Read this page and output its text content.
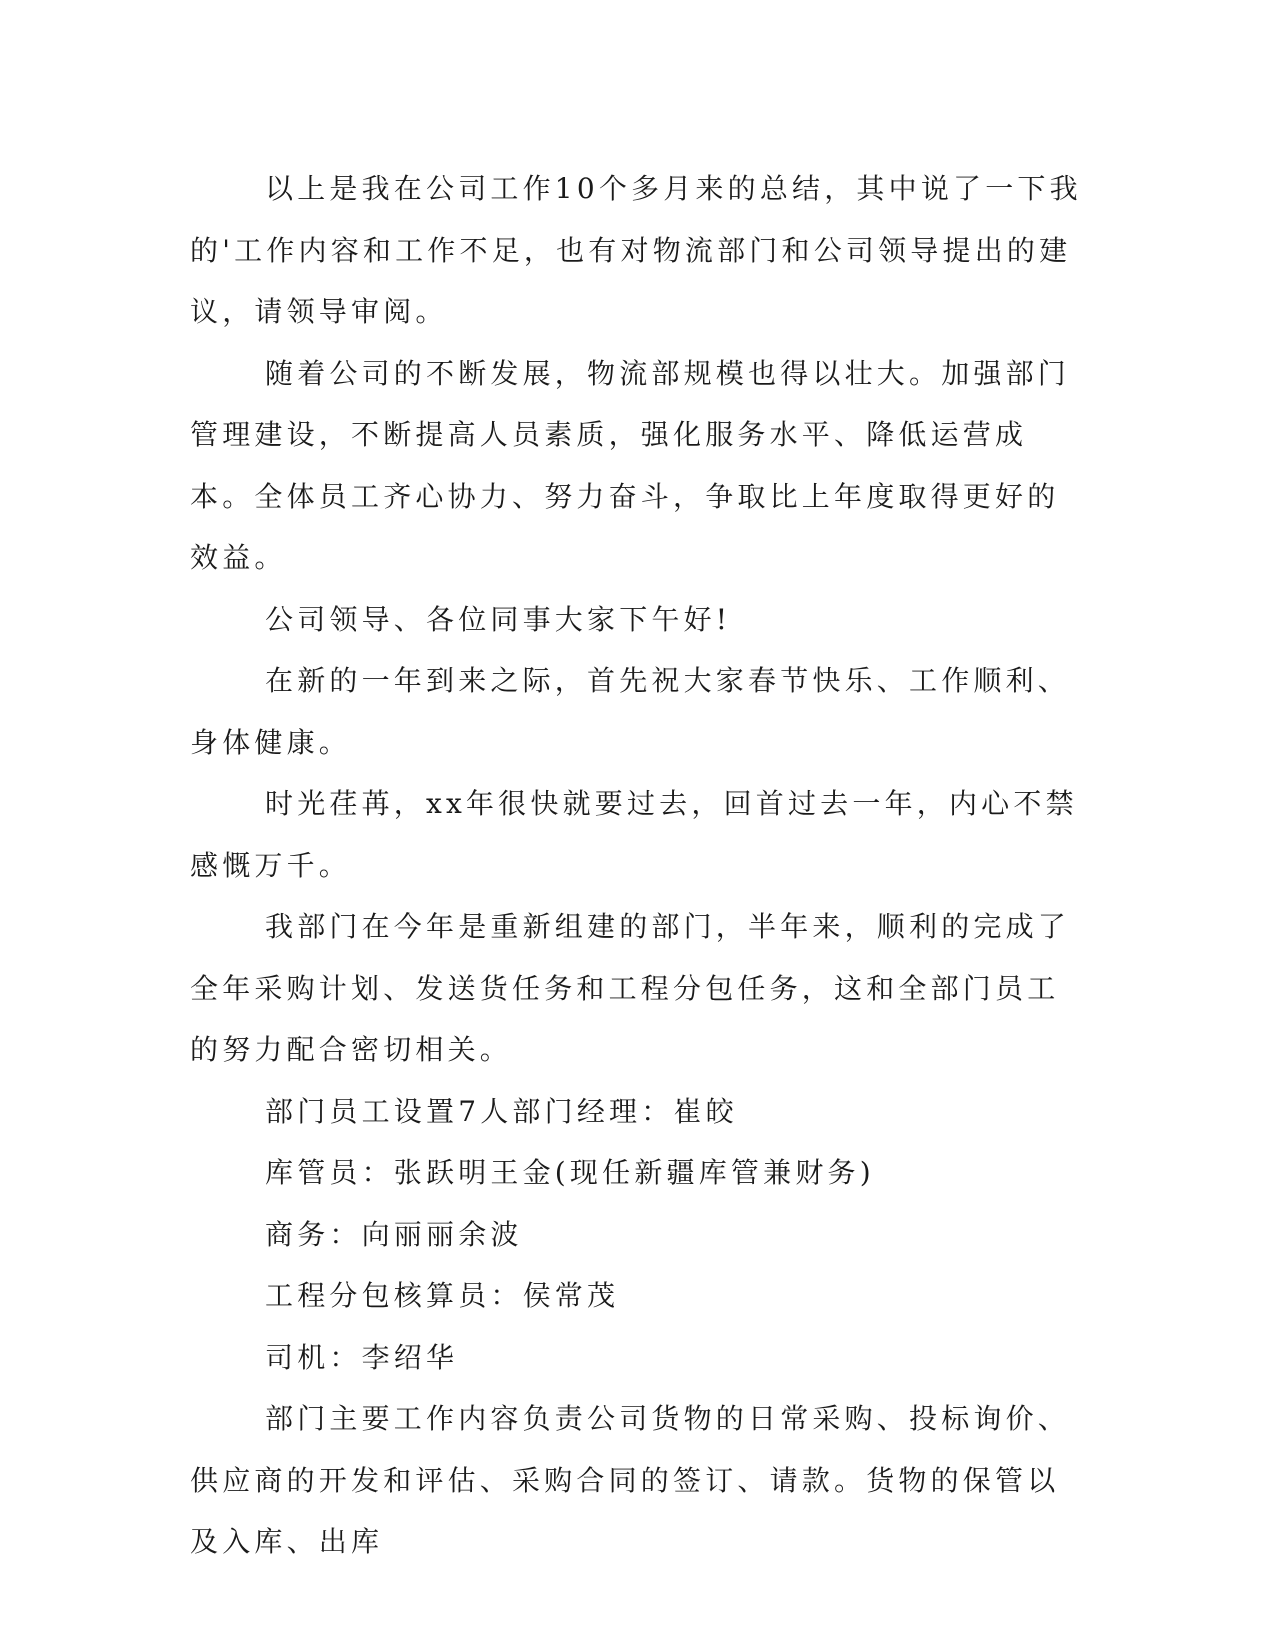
以上是我在公司工作10个多月来的总结，其中说了一下我的'工作内容和工作不足，也有对物流部门和公司领导提出的建议，请领导审阅。

随着公司的不断发展，物流部规模也得以壮大。加强部门管理建设，不断提高人员素质，强化服务水平、降低运营成本。全体员工齐心协力、努力奋斗，争取比上年度取得更好的效益。

公司领导、各位同事大家下午好!

在新的一年到来之际，首先祝大家春节快乐、工作顺利、身体健康。

时光荏苒，xx年很快就要过去，回首过去一年，内心不禁感慨万千。

我部门在今年是重新组建的部门，半年来，顺利的完成了全年采购计划、发送货任务和工程分包任务，这和全部门员工的努力配合密切相关。

部门员工设置7人部门经理：崔皎

库管员：张跃明王金(现任新疆库管兼财务)

商务：向丽丽余波

工程分包核算员：侯常茂

司机：李绍华

部门主要工作内容负责公司货物的日常采购、投标询价、供应商的开发和评估、采购合同的签订、请款。货物的保管以及入库、出库
